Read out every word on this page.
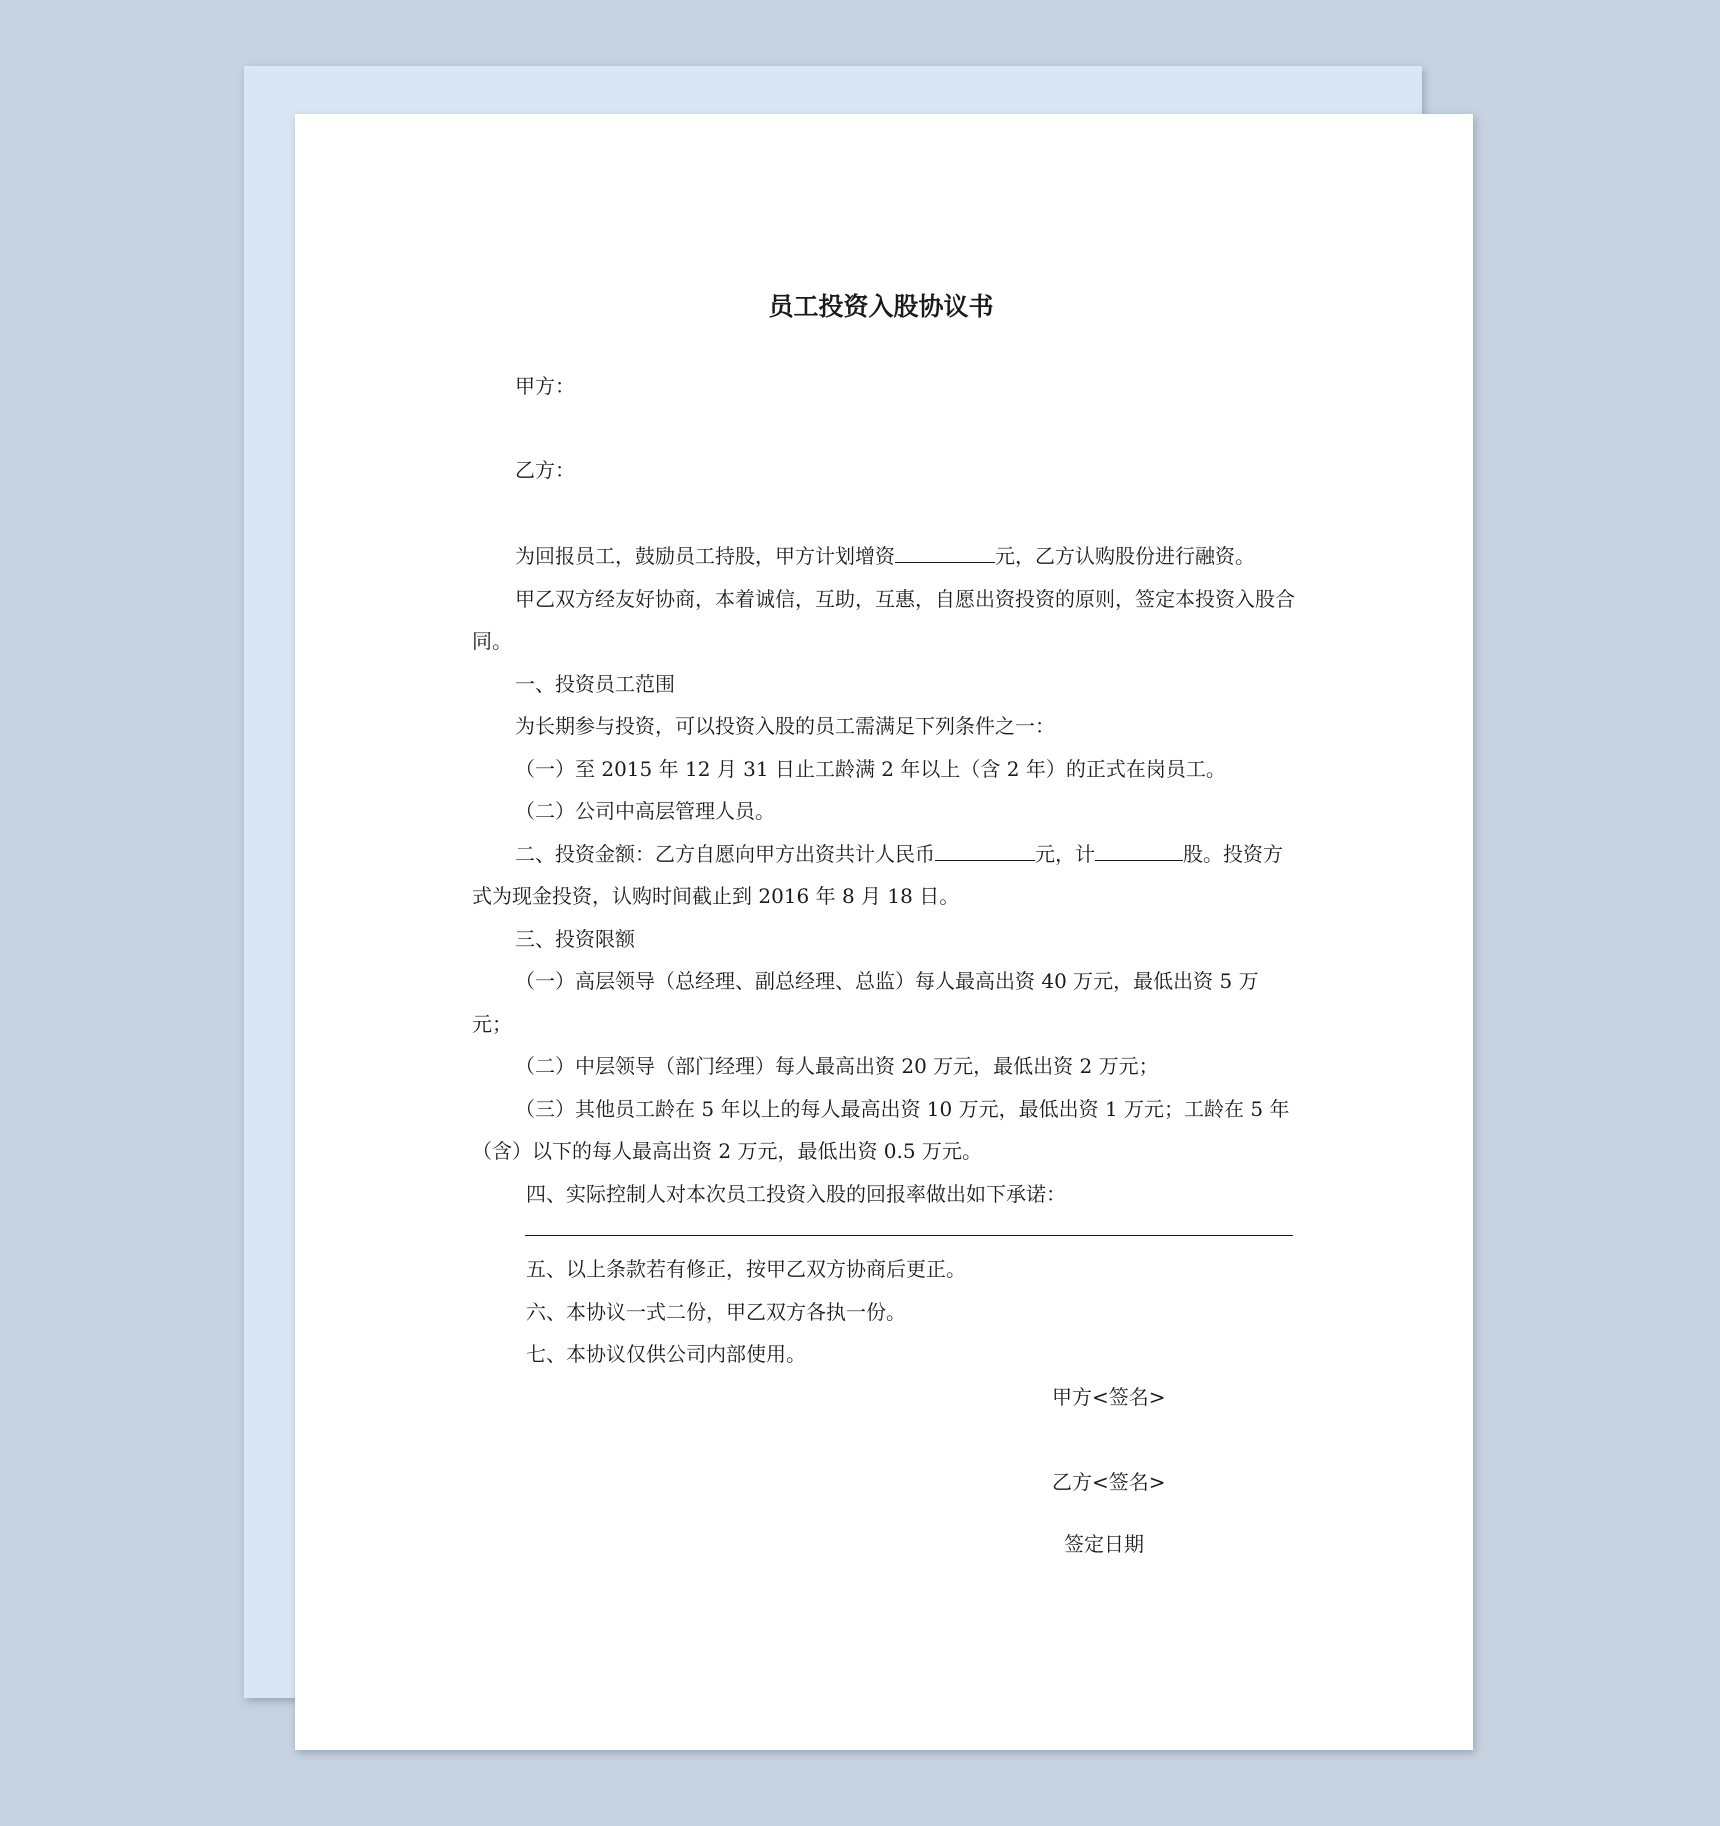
员工投资入股协议书
甲方：
乙方：

为回报员工，鼓励员工持股，甲方计划增资	元，乙方认购股份进行融资。

甲乙双方经友好协商，本着诚信，互助，互惠，自愿出资投资的原则，签定本投资入股合同。

一、投资员工范围

为长期参与投资，可以投资入股的员工需满足下列条件之一：

（一）至 2015 年 12 月 31 日止工龄满 2 年以上（含 2 年）的正式在岗员工。

（二）公司中高层管理人员。

二、投资金额：乙方自愿向甲方出资共计人民币	元，计	股。投资方式为现金投资，认购时间截止到 2016 年 8 月 18 日。

三、投资限额

（一）高层领导（总经理、副总经理、总监）每人最高出资 40 万元，最低出资 5 万元；

（二）中层领导（部门经理）每人最高出资 20 万元，最低出资 2 万元；

（三）其他员工龄在 5 年以上的每人最高出资 10 万元，最低出资 1 万元；工龄在 5 年（含）以下的每人最高出资 2 万元，最低出资 0.5 万元。

四、实际控制人对本次员工投资入股的回报率做出如下承诺：

五、以上条款若有修正，按甲乙双方协商后更正。

六、本协议一式二份，甲乙双方各执一份。

七、本协议仅供公司内部使用。

甲方<签名>
乙方<签名>
签定日期
